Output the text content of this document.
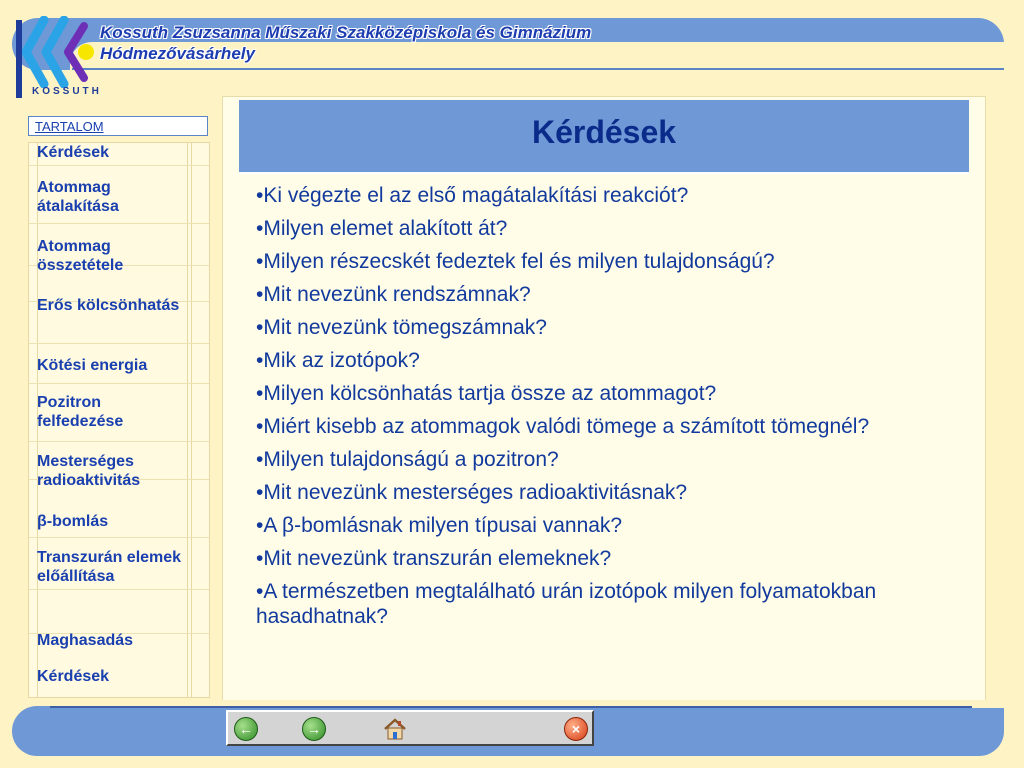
KOSSUTH
Kossuth Zsuzsanna Műszaki Szakközépiskola és Gimnázium
Hódmezővásárhely
TARTALOM
Kérdések
Atommag átalakítása
Atommag összetétele
Erős kölcsönhatás
Kötési energia
Pozitron felfedezése
Mesterséges radioaktivitás
β-bomlás
Transzurán elemek előállítása
Maghasadás
Kérdések
Kérdések
•Ki végezte el az első magátalakítási reakciót?
•Milyen elemet alakított át?
•Milyen részecskét fedeztek fel és milyen tulajdonságú?
•Mit nevezünk rendszámnak?
•Mit nevezünk tömegszámnak?
•Mik az izotópok?
•Milyen kölcsönhatás tartja össze az atommagot?
•Miért kisebb az atommagok valódi tömege a számított tömegnél?
•Milyen tulajdonságú a pozitron?
•Mit nevezünk mesterséges radioaktivitásnak?
•A β-bomlásnak milyen típusai vannak?
•Mit nevezünk transzurán elemeknek?
•A természetben megtalálható urán izotópok milyen folyamatokban hasadhatnak?
←	→	×
